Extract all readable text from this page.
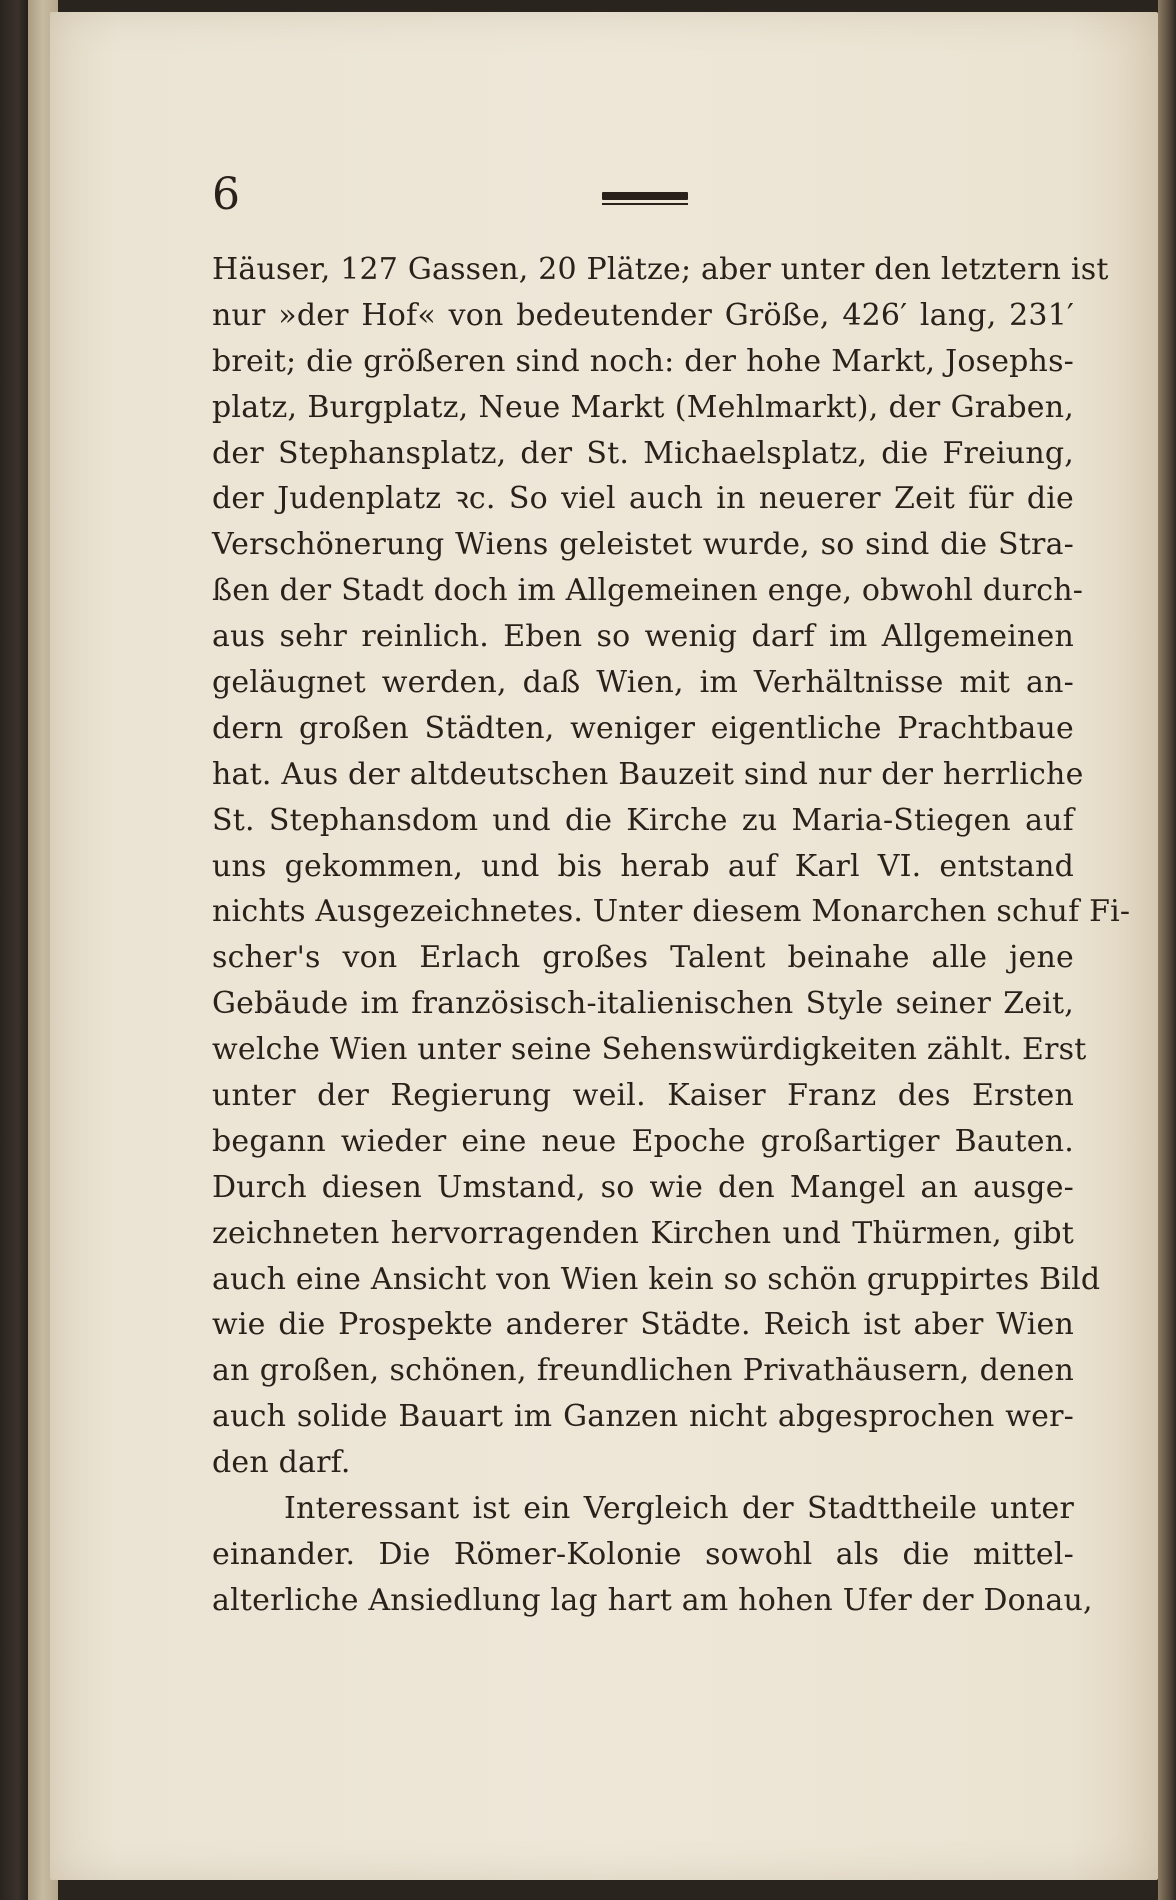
6
Häuser, 127 Gassen, 20 Plätze; aber unter den letztern ist
nur »der Hof« von bedeutender Größe, 426′ lang, 231′
breit; die größeren sind noch: der hohe Markt, Josephs-
platz, Burgplatz, Neue Markt (Mehlmarkt), der Graben,
der Stephansplatz, der St. Michaelsplatz, die Freiung,
der Judenplatz ꝛc. So viel auch in neuerer Zeit für die
Verschönerung Wiens geleistet wurde, so sind die Stra-
ßen der Stadt doch im Allgemeinen enge, obwohl durch-
aus sehr reinlich. Eben so wenig darf im Allgemeinen
geläugnet werden, daß Wien, im Verhältnisse mit an-
dern großen Städten, weniger eigentliche Prachtbaue
hat. Aus der altdeutschen Bauzeit sind nur der herrliche
St. Stephansdom und die Kirche zu Maria-Stiegen auf
uns gekommen, und bis herab auf Karl VI. entstand
nichts Ausgezeichnetes. Unter diesem Monarchen schuf Fi-
scher's von Erlach großes Talent beinahe alle jene
Gebäude im französisch-italienischen Style seiner Zeit,
welche Wien unter seine Sehenswürdigkeiten zählt. Erst
unter der Regierung weil. Kaiser Franz des Ersten
begann wieder eine neue Epoche großartiger Bauten.
Durch diesen Umstand, so wie den Mangel an ausge-
zeichneten hervorragenden Kirchen und Thürmen, gibt
auch eine Ansicht von Wien kein so schön gruppirtes Bild
wie die Prospekte anderer Städte. Reich ist aber Wien
an großen, schönen, freundlichen Privathäusern, denen
auch solide Bauart im Ganzen nicht abgesprochen wer-
den darf.
Interessant ist ein Vergleich der Stadttheile unter
einander. Die Römer-Kolonie sowohl als die mittel-
alterliche Ansiedlung lag hart am hohen Ufer der Donau,
